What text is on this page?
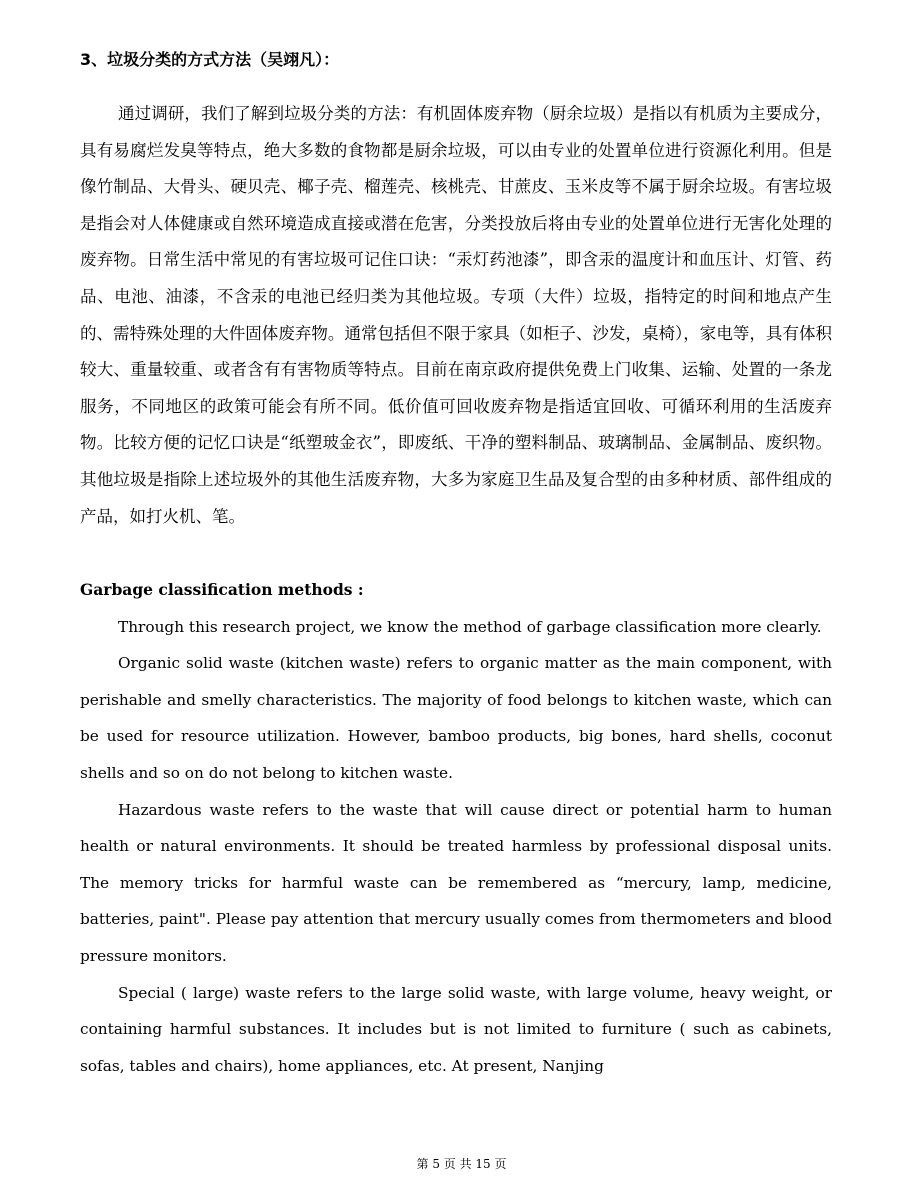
3、垃圾分类的方式方法（吴翊凡）：

通过调研，我们了解到垃圾分类的方法：有机固体废弃物（厨余垃圾）是指以有机质为主要成分，具有易腐烂发臭等特点，绝大多数的食物都是厨余垃圾，可以由专业的处置单位进行资源化利用。但是像竹制品、大骨头、硬贝壳、椰子壳、榴莲壳、核桃壳、甘蔗皮、玉米皮等不属于厨余垃圾。有害垃圾是指会对人体健康或自然环境造成直接或潜在危害，分类投放后将由专业的处置单位进行无害化处理的废弃物。日常生活中常见的有害垃圾可记住口诀：“汞灯药池漆”，即含汞的温度计和血压计、灯管、药品、电池、油漆，不含汞的电池已经归类为其他垃圾。专项（大件）垃圾，指特定的时间和地点产生的、需特殊处理的大件固体废弃物。通常包括但不限于家具（如柜子、沙发，桌椅），家电等，具有体积较大、重量较重、或者含有有害物质等特点。目前在南京政府提供免费上门收集、运输、处置的一条龙服务，不同地区的政策可能会有所不同。低价值可回收废弃物是指适宜回收、可循环利用的生活废弃物。比较方便的记忆口诀是“纸塑玻金衣”，即废纸、干净的塑料制品、玻璃制品、金属制品、废织物。其他垃圾是指除上述垃圾外的其他生活废弃物，大多为家庭卫生品及复合型的由多种材质、部件组成的产品，如打火机、笔。

Garbage classification methods :

Through this research project, we know the method of garbage classification more clearly.

Organic solid waste (kitchen waste) refers to organic matter as the main component, with perishable and smelly characteristics. The majority of food belongs to kitchen waste, which can be used for resource utilization. However, bamboo products, big bones, hard shells, coconut shells and so on do not belong to kitchen waste.

Hazardous waste refers to the waste that will cause direct or potential harm to human health or natural environments. It should be treated harmless by professional disposal units. The memory tricks for harmful waste can be remembered as “mercury, lamp, medicine, batteries, paint". Please pay attention that mercury usually comes from thermometers and blood pressure monitors.

Special ( large) waste refers to the large solid waste, with large volume, heavy weight, or containing harmful substances. It includes but is not limited to furniture ( such as cabinets, sofas, tables and chairs), home appliances, etc. At present, Nanjing

第 5 页 共 15 页
